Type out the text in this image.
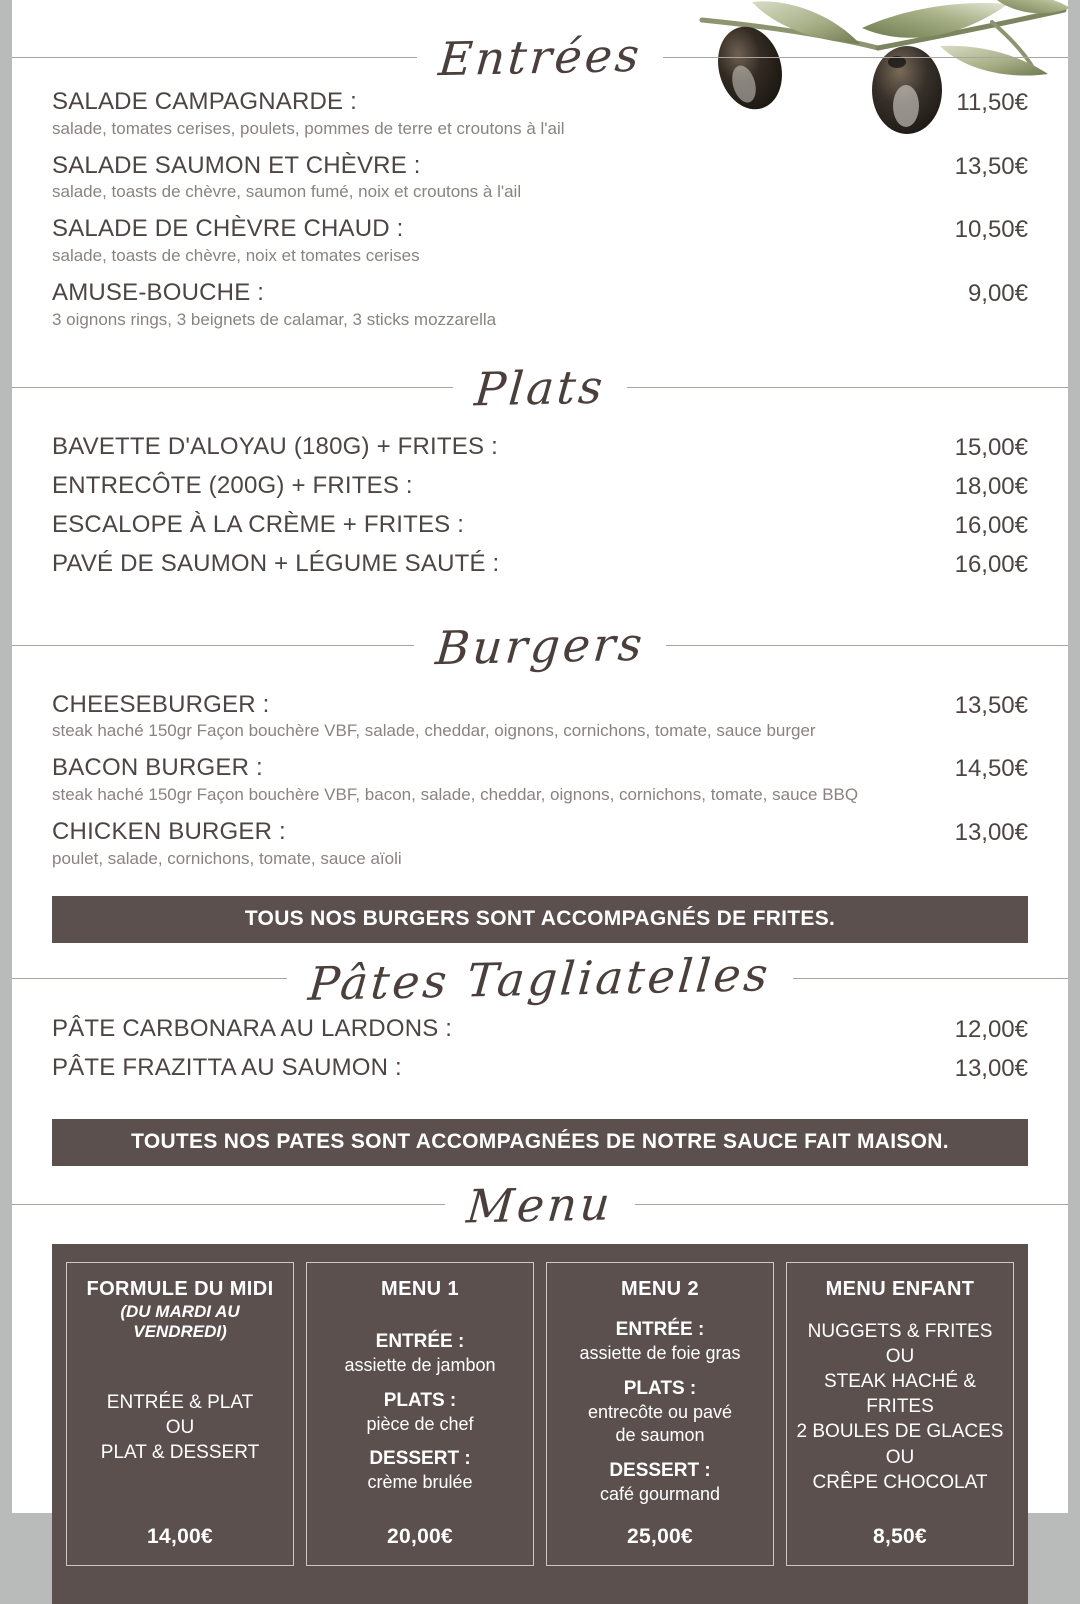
Entrées
SALADE CAMPAGNARDE :
salade, tomates cerises, poulets, pommes de terre et croutons à l'ail
11,50€
SALADE SAUMON ET CHÈVRE :
salade, toasts de chèvre, saumon fumé, noix et croutons à l'ail
13,50€
SALADE DE CHÈVRE CHAUD :
salade, toasts de chèvre, noix et tomates cerises
10,50€
AMUSE-BOUCHE :
3 oignons rings, 3 beignets de calamar, 3 sticks mozzarella
9,00€
Plats
BAVETTE D'ALOYAU (180G) + FRITES :	15,00€
ENTRECÔTE (200G) + FRITES :	18,00€
ESCALOPE À LA CRÈME + FRITES :	16,00€
PAVÉ DE SAUMON + LÉGUME SAUTÉ :	16,00€
Burgers
CHEESEBURGER :
steak haché 150gr Façon bouchère VBF, salade, cheddar, oignons, cornichons, tomate, sauce burger
13,50€
BACON BURGER :
steak haché 150gr Façon bouchère VBF, bacon, salade, cheddar, oignons, cornichons, tomate, sauce BBQ
14,50€
CHICKEN BURGER :
poulet, salade, cornichons, tomate, sauce aïoli
13,00€
TOUS NOS BURGERS SONT ACCOMPAGNÉS DE FRITES.
Pâtes Tagliatelles
PÂTE CARBONARA AU LARDONS :	12,00€
PÂTE FRAZITTA AU SAUMON :	13,00€
TOUTES NOS PATES SONT ACCOMPAGNÉES DE NOTRE SAUCE FAIT MAISON.
Menu
FORMULE DU MIDI
(DU MARDI AU VENDREDI)
ENTRÉE & PLAT
OU
PLAT & DESSERT
14,00€
MENU 1
ENTRÉE :
assiette de jambon
PLATS :
pièce de chef
DESSERT :
crème brulée
20,00€
MENU 2
ENTRÉE :
assiette de foie gras
PLATS :
entrecôte ou pavé
de saumon
DESSERT :
café gourmand
25,00€
MENU ENFANT
NUGGETS & FRITES
OU
STEAK HACHÉ & FRITES
2 BOULES DE GLACES
OU
CRÊPE CHOCOLAT
8,50€
